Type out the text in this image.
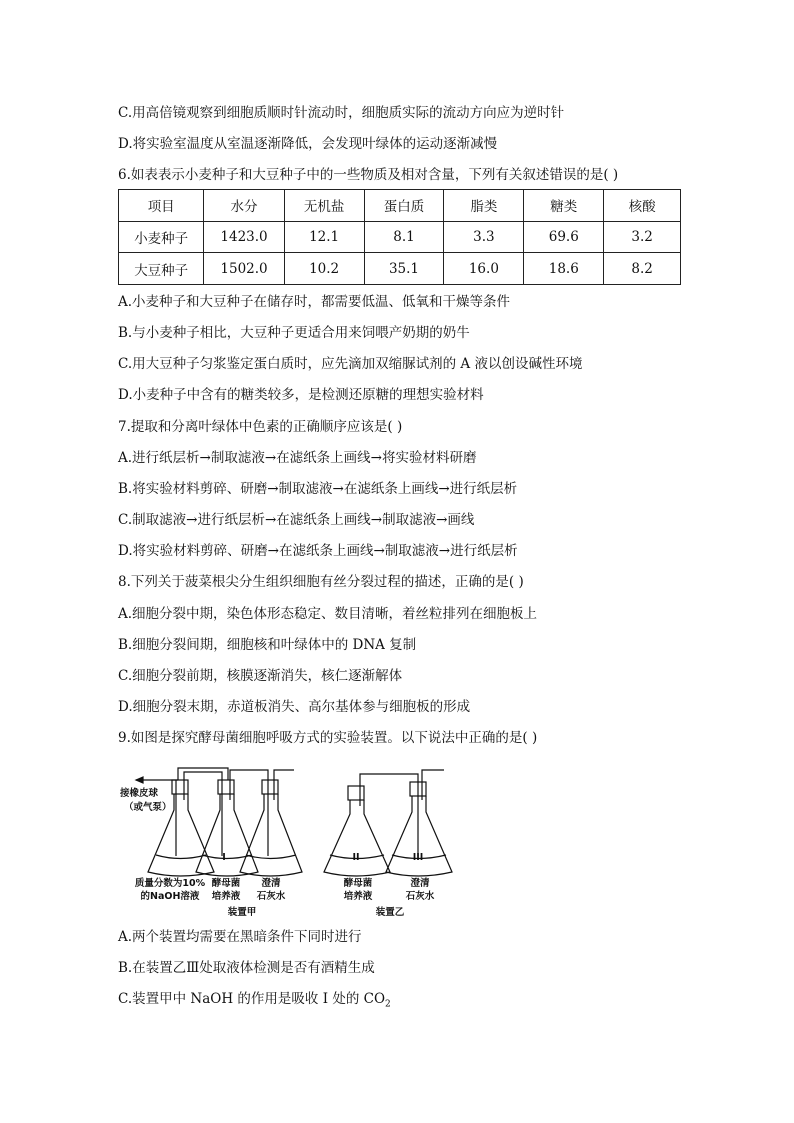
C.用高倍镜观察到细胞质顺时针流动时，细胞质实际的流动方向应为逆时针
D.将实验室温度从室温逐渐降低，会发现叶绿体的运动逐渐减慢
6.如表表示小麦种子和大豆种子中的一些物质及相对含量，下列有关叙述错误的是( )
项目	水分	无机盐	蛋白质	脂类	糖类	核酸
小麦种子	1423.0	12.1	8.1	3.3	69.6	3.2
大豆种子	1502.0	10.2	35.1	16.0	18.6	8.2
A.小麦种子和大豆种子在储存时，都需要低温、低氧和干燥等条件
B.与小麦种子相比，大豆种子更适合用来饲喂产奶期的奶牛
C.用大豆种子匀浆鉴定蛋白质时，应先滴加双缩脲试剂的 A 液以创设碱性环境
D.小麦种子中含有的糖类较多，是检测还原糖的理想实验材料
7.提取和分离叶绿体中色素的正确顺序应该是( )
A.进行纸层析→制取滤液→在滤纸条上画线→将实验材料研磨
B.将实验材料剪碎、研磨→制取滤液→在滤纸条上画线→进行纸层析
C.制取滤液→进行纸层析→在滤纸条上画线→制取滤液→画线
D.将实验材料剪碎、研磨→在滤纸条上画线→制取滤液→进行纸层析
8.下列关于菠菜根尖分生组织细胞有丝分裂过程的描述，正确的是( )
A.细胞分裂中期，染色体形态稳定、数目清晰，着丝粒排列在细胞板上
B.细胞分裂间期，细胞核和叶绿体中的 DNA 复制
C.细胞分裂前期，核膜逐渐消失，核仁逐渐解体
D.细胞分裂末期，赤道板消失、高尔基体参与细胞板的形成
9.如图是探究酵母菌细胞呼吸方式的实验装置。以下说法中正确的是( )
接橡皮球
（或气泵）
I	II	III
质量分数为10%
的NaOH溶液
酵母菌
培养液
澄清
石灰水
酵母菌
培养液
澄清
石灰水
装置甲	装置乙
A.两个装置均需要在黑暗条件下同时进行
B.在装置乙Ⅲ处取液体检测是否有酒精生成
C.装置甲中 NaOH 的作用是吸收 I 处的 $CO_2$
